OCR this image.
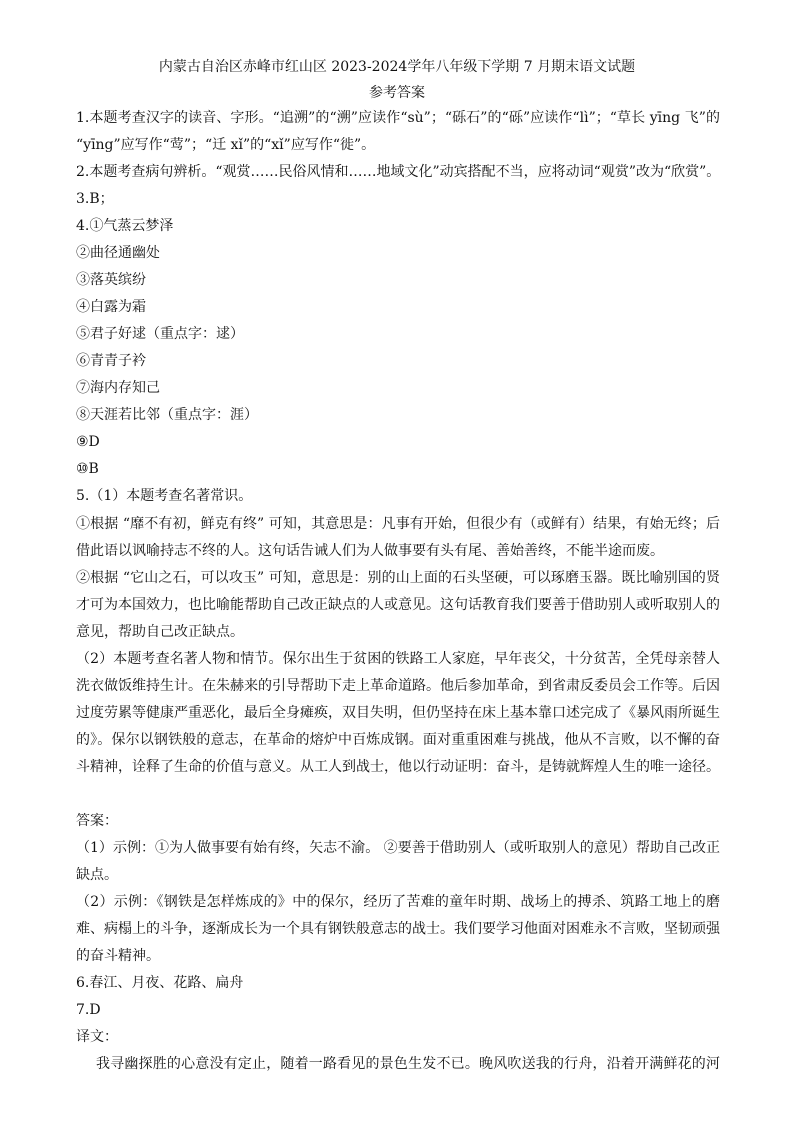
内蒙古自治区赤峰市红山区 2023-2024学年八年级下学期 7 月期末语文试题
参考答案
1.本题考查汉字的读音、字形。“追溯”的“溯”应读作“sù”；“砾石”的“砾”应读作“lì”；“草长 yīng 飞”的
“yīng”应写作“莺”；“迁 xǐ”的“xǐ”应写作“徙”。
2.本题考查病句辨析。“观赏……民俗风情和……地域文化”动宾搭配不当，应将动词“观赏”改为“欣赏”。
3.B；
4.①气蒸云梦泽
②曲径通幽处
③落英缤纷
④白露为霜
⑤君子好逑（重点字：逑）
⑥青青子衿
⑦海内存知己
⑧天涯若比邻（重点字：涯）
⑨D
⑩B
5.（1）本题考查名著常识。
①根据 “靡不有初，鲜克有终” 可知，其意思是：凡事有开始，但很少有（或鲜有）结果，有始无终；后
借此语以讽喻持志不终的人。这句话告诫人们为人做事要有头有尾、善始善终，不能半途而废。
②根据 “它山之石，可以攻玉” 可知，意思是：别的山上面的石头坚硬，可以琢磨玉器。既比喻别国的贤
才可为本国效力，也比喻能帮助自己改正缺点的人或意见。这句话教育我们要善于借助别人或听取别人的
意见，帮助自己改正缺点。
（2）本题考查名著人物和情节。保尔出生于贫困的铁路工人家庭，早年丧父，十分贫苦，全凭母亲替人
洗衣做饭维持生计。在朱赫来的引导帮助下走上革命道路。他后参加革命，到省肃反委员会工作等。后因
过度劳累等健康严重恶化，最后全身瘫痪，双目失明，但仍坚持在床上基本靠口述完成了《暴风雨所诞生
的》。保尔以钢铁般的意志，在革命的熔炉中百炼成钢。面对重重困难与挑战，他从不言败，以不懈的奋
斗精神，诠释了生命的价值与意义。从工人到战士，他以行动证明：奋斗，是铸就辉煌人生的唯一途径。
答案：
（1）示例：①为人做事要有始有终，矢志不渝。 ②要善于借助别人（或听取别人的意见）帮助自己改正
缺点。
（2）示例：《钢铁是怎样炼成的》中的保尔，经历了苦难的童年时期、战场上的搏杀、筑路工地上的磨
难、病榻上的斗争，逐渐成长为一个具有钢铁般意志的战士。我们要学习他面对困难永不言败，坚韧顽强
的奋斗精神。
6.春江、月夜、花路、扁舟
7.D
译文：
我寻幽探胜的心意没有定止，随着一路看见的景色生发不已。晚风吹送我的行舟，沿着开满鲜花的河
